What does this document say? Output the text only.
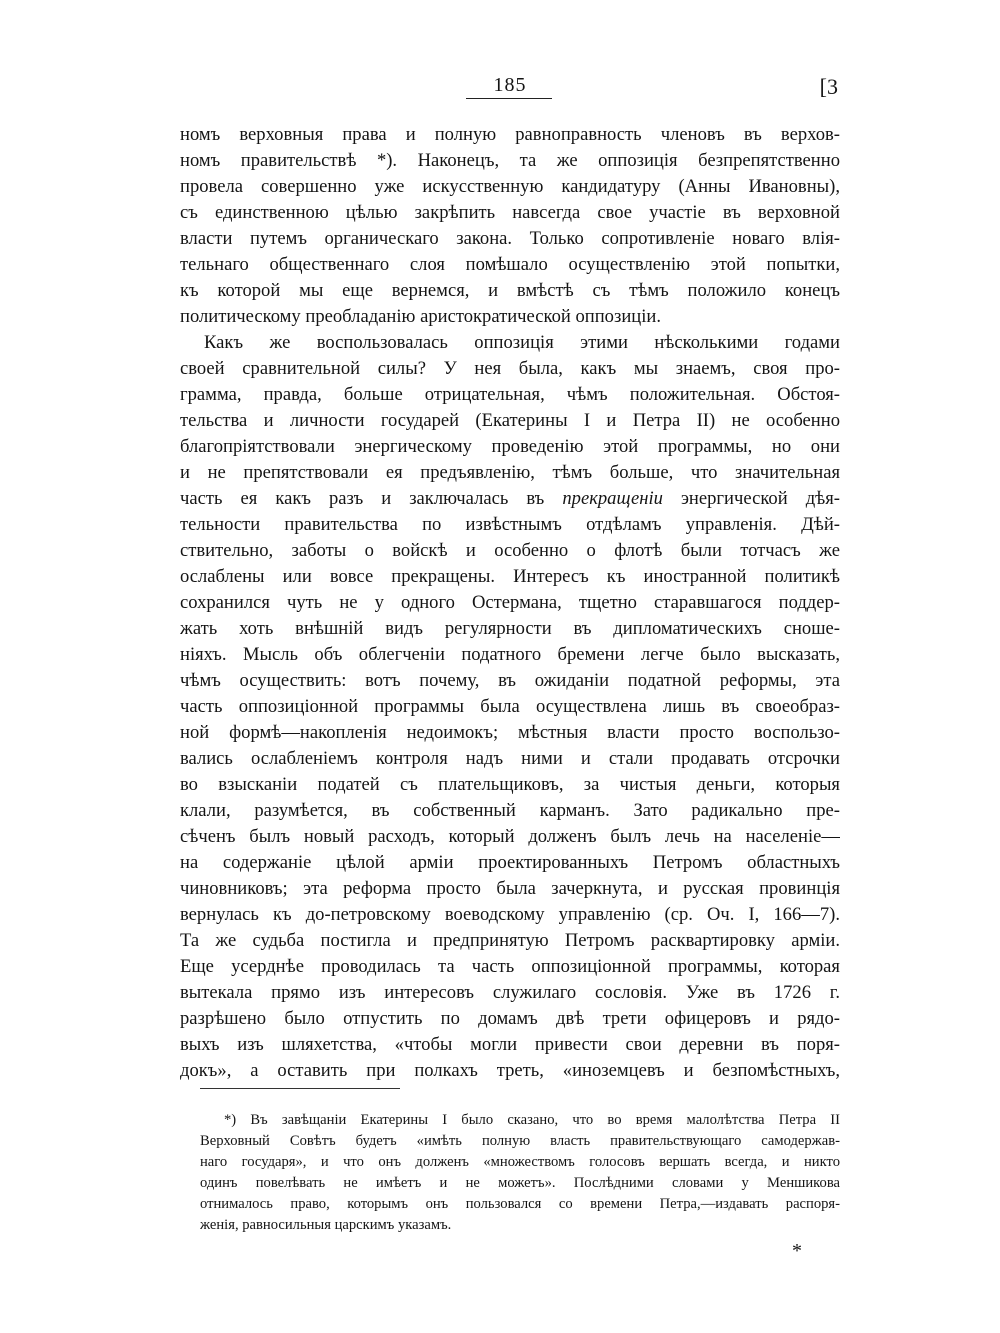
185	[3
номъ верховныя права и полную равноправность членовъ въ верхов-
номъ правительствѣ *). Наконецъ, та же оппозиція безпрепятственно
провела совершенно уже искусственную кандидатуру (Анны Ивановны),
съ единственною цѣлью закрѣпить навсегда свое участіе въ верховной
власти путемъ органическаго закона. Только сопротивленіе новаго влія-
тельнаго общественнаго слоя помѣшало осуществленію этой попытки,
къ которой мы еще вернемся, и вмѣстѣ съ тѣмъ положило конецъ
политическому преобладанію аристократической оппозиціи.
Какъ же воспользовалась оппозиція этими нѣсколькими годами
своей сравнительной силы? У нея была, какъ мы знаемъ, своя про-
грамма, правда, больше отрицательная, чѣмъ положительная. Обстоя-
тельства и личности государей (Екатерины I и Петра II) не особенно
благопріятствовали энергическому проведенію этой программы, но они
и не препятствовали ея предъявленію, тѣмъ больше, что значительная
часть ея какъ разъ и заключалась въ прекращеніи энергической дѣя-
тельности правительства по извѣстнымъ отдѣламъ управленія. Дѣй-
ствительно, заботы о войскѣ и особенно о флотѣ были тотчасъ же
ослаблены или вовсе прекращены. Интересъ къ иностранной политикѣ
сохранился чуть не у одного Остермана, тщетно старавшагося поддер-
жать хоть внѣшній видъ регулярности въ дипломатическихъ сноше-
ніяхъ. Мысль объ облегченіи податного бремени легче было высказать,
чѣмъ осуществить: вотъ почему, въ ожиданіи податной реформы, эта
часть оппозиціонной программы была осуществлена лишь въ своеобраз-
ной формѣ—накопленія недоимокъ; мѣстныя власти просто воспользо-
вались ослабленіемъ контроля надъ ними и стали продавать отсрочки
во взысканіи податей съ плательщиковъ, за чистыя деньги, которыя
клали, разумѣется, въ собственный карманъ. Зато радикально пре-
сѣченъ былъ новый расходъ, который долженъ былъ лечь на населеніе—
на содержаніе цѣлой арміи проектированныхъ Петромъ областныхъ
чиновниковъ; эта реформа просто была зачеркнута, и русская провинція
вернулась къ до-петровскому воеводскому управленію (ср. Оч. I, 166—7).
Та же судьба постигла и предпринятую Петромъ расквартировку арміи.
Еще усерднѣе проводилась та часть оппозиціонной программы, которая
вытекала прямо изъ интересовъ служилаго сословія. Уже въ 1726 г.
разрѣшено было отпустить по домамъ двѣ трети офицеровъ и рядо-
выхъ изъ шляхетства, «чтобы могли привести свои деревни въ поря-
докъ», а оставить при полкахъ треть, «иноземцевъ и безпомѣстныхъ,
*) Въ завѣщаніи Екатерины I было сказано, что во время малолѣтства Петра II
Верховный Совѣтъ будетъ «имѣть полную власть правительствующаго самодержав-
наго государя», и что онъ долженъ «множествомъ голосовъ вершать всегда, и никто
одинъ повелѣвать не имѣетъ и не можетъ». Послѣдними словами у Меншикова
отнималось право, которымъ онъ пользовался со времени Петра,—издавать распоря-
женія, равносильныя царскимъ указамъ.
*
